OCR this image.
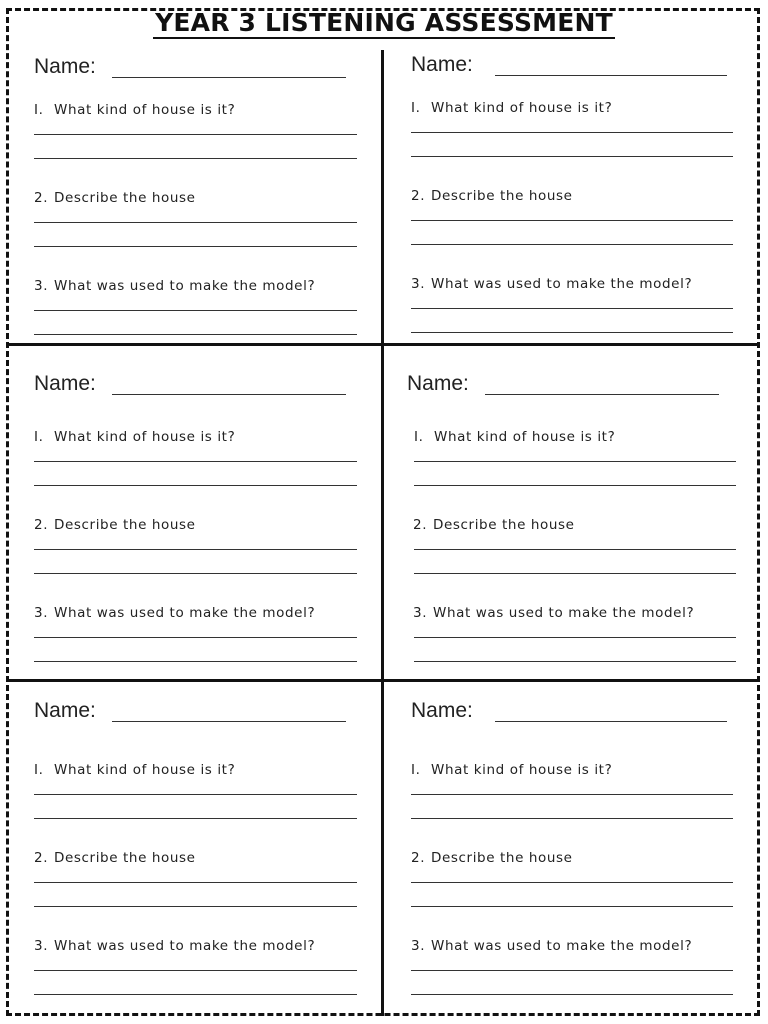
YEAR 3 LISTENING ASSESSMENT
Name:
I. What kind of house is it?
2. Describe the house
3. What was used to make the model?
Name:
I. What kind of house is it?
2. Describe the house
3. What was used to make the model?
Name:
I. What kind of house is it?
2. Describe the house
3. What was used to make the model?
Name:
I. What kind of house is it?
2. Describe the house
3. What was used to make the model?
Name:
I. What kind of house is it?
2. Describe the house
3. What was used to make the model?
Name:
I. What kind of house is it?
2. Describe the house
3. What was used to make the model?
